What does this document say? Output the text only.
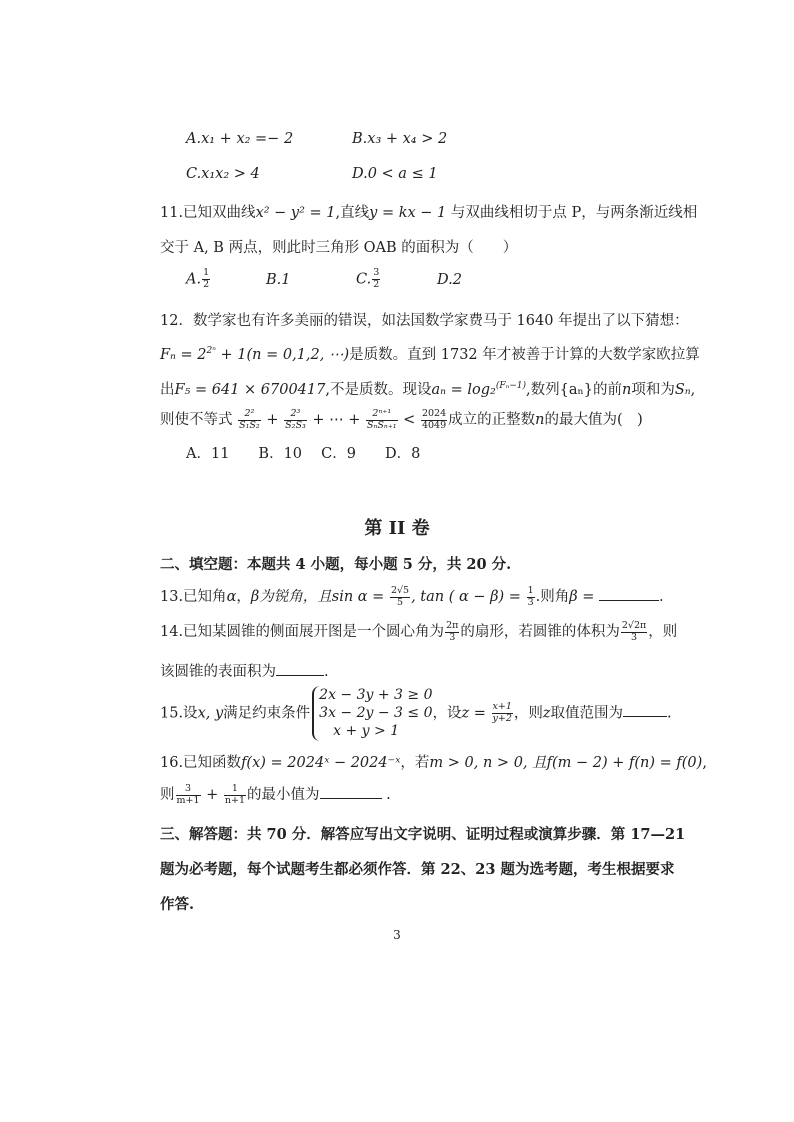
A.x₁ + x₂ =− 2	B.x₃ + x₄ > 2
C.x₁x₂ > 4	D.0 < a ≤ 1
11.已知双曲线x² − y² = 1,直线y = kx − 1 与双曲线相切于点 P，与两条渐近线相
交于 A, B 两点，则此时三角形 OAB 的面积为（　　）
A. $\frac{1}{2}$	B.1	C. $\frac{3}{2}$	D.2
12．数学家也有许多美丽的错误，如法国数学家费马于 1640 年提出了以下猜想：
$F_n = 2^{2^n} + 1(n = 0,1,2$, ⋯)是质数。直到 1732 年才被善于计算的大数学家欧拉算
出F₅ = 641 × 6700417,不是质数。现设aₙ = log₂$^{(F_n-1)}$,数列{aₙ}的前n项和为Sₙ,
则使不等式 $\frac{\text{2²}}{\text{S₁S₂}} + \frac{\text{2³}}{\text{S₂S₃}}$ + ⋯ + $\frac{\text{2ⁿ⁺¹}}{\text{SₙSₙ₊₁}} < \frac{2024}{4049}$ 成立的正整数n的最大值为(　)
A．11　　B．10　 C．9　　D．8
第 II 卷
二、填空题：本题共 4 小题，每小题 5 分，共 20 分.
13.已知角α，β为锐角，且$\sin \alpha = \frac{2√5}{5}$ , tan ( $\alpha - \beta) = \frac{1}{3}$ .则角β =	.
14.已知某圆锥的侧面展开图是一个圆心角为 $\frac{2\pi}{3}$ 的扇形，若圆锥的体积为 $\frac{2√2\pi}{3}$ ，则
该圆锥的表面积为	.
15.设x, y满足约束条件
2x − 3y + 3 ≥ 0
3x − 2y − 3 ≤ 0
x + y > 1
，设$z = \frac{x+1}{y+2}$ ，则z取值范围为	.
16.已知函数f(x) = 2024ˣ − 2024⁻ˣ，若m > 0, n > 0, 且f(m − 2) + f(n) = f(0),
则 $\frac{3}{m+1} + \frac{1}{n+1}$ 的最小值为	.
三、解答题：共 70 分．解答应写出文字说明、证明过程或演算步骤．第 17—21
题为必考题，每个试题考生都必须作答．第 22、23 题为选考题，考生根据要求
作答.
3
